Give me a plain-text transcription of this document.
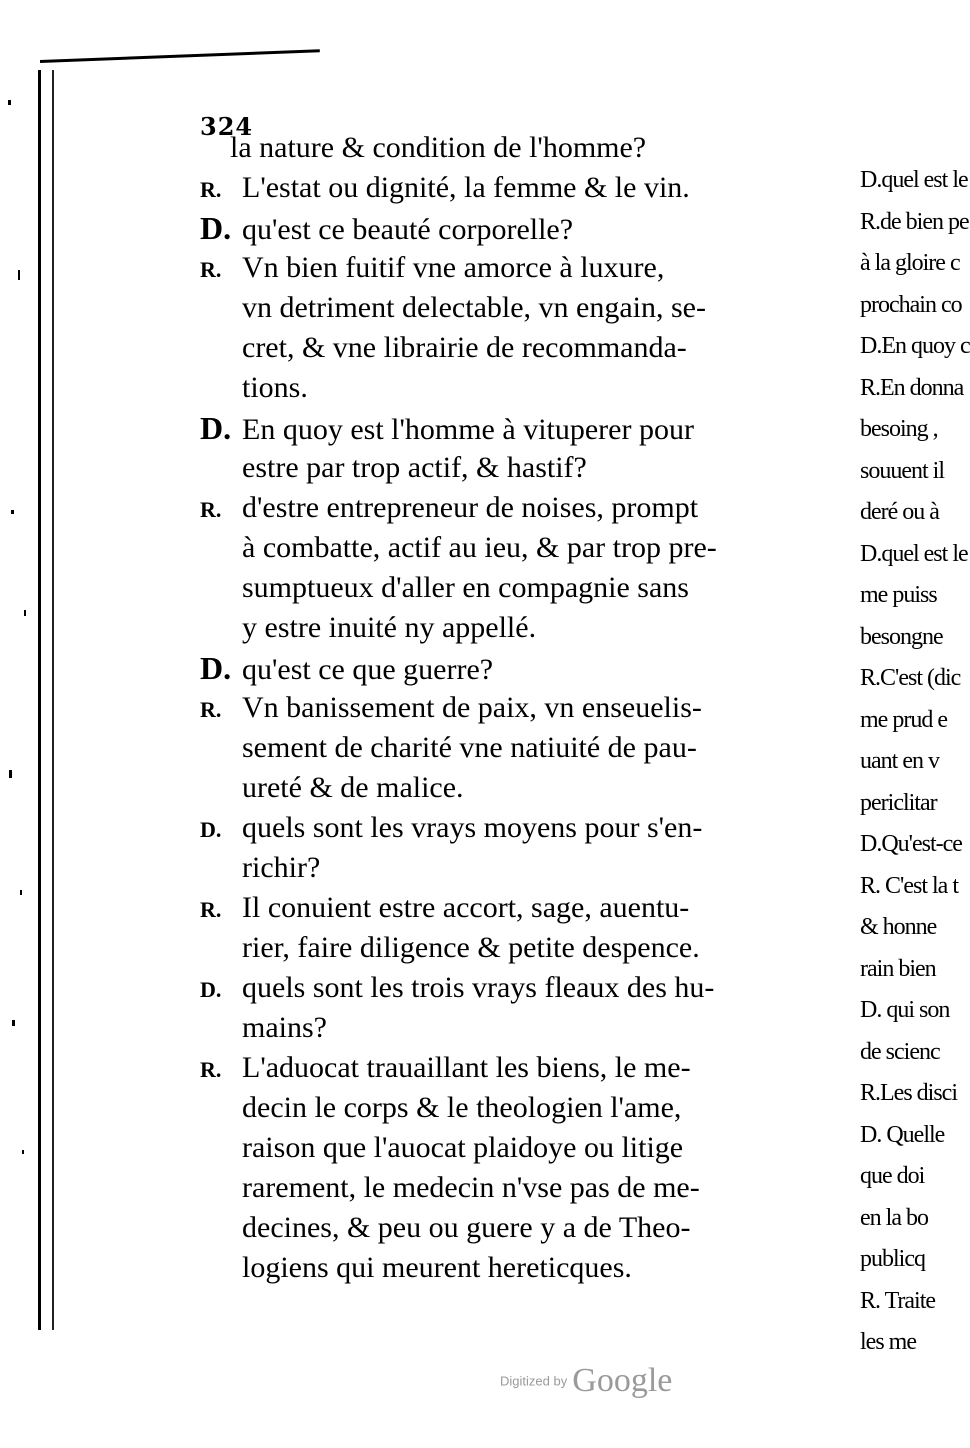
324
la nature & condition de l'homme?
R. L'estat ou dignité, la femme & le vin.
D. qu'est ce beauté corporelle?
R. Vn bien fuitif vne amorce à luxure,
vn detriment delectable, vn engain, se-
cret, & vne librairie de recommanda-
tions.
D. En quoy est l'homme à vituperer pour
estre par trop actif, & hastif?
R. d'estre entrepreneur de noises, prompt
à combatte, actif au ieu, & par trop pre-
sumptueux d'aller en compagnie sans
y estre inuité ny appellé.
D. qu'est ce que guerre?
R. Vn banissement de paix, vn enseuelis-
sement de charité vne natiuité de pau-
ureté & de malice.
D. quels sont les vrays moyens pour s'en-
richir?
R. Il conuient estre accort, sage, auentu-
rier, faire diligence & petite despence.
D. quels sont les trois vrays fleaux des hu-
mains?
R. L'aduocat trauaillant les biens, le me-
decin le corps & le theologien l'ame,
raison que l'auocat plaidoye ou litige
rarement, le medecin n'vse pas de me-
decines, & peu ou guere y a de Theo-
logiens qui meurent hereticques.
D.quel est le
R.de bien pe
à la gloire c
prochain co
D.En quoy c
R.En donna
besoing ,
souuent il
deré ou à
D.quel est le
me puiss
besongne
R.C'est (dic
me prud e
uant en v
periclitar
D.Qu'est-ce
R. C'est la t
& honne
rain bien
D. qui son
de scienc
R.Les disci
D. Quelle
que doi
en la bo
publicq
R. Traite
les me
Digitized by Google
